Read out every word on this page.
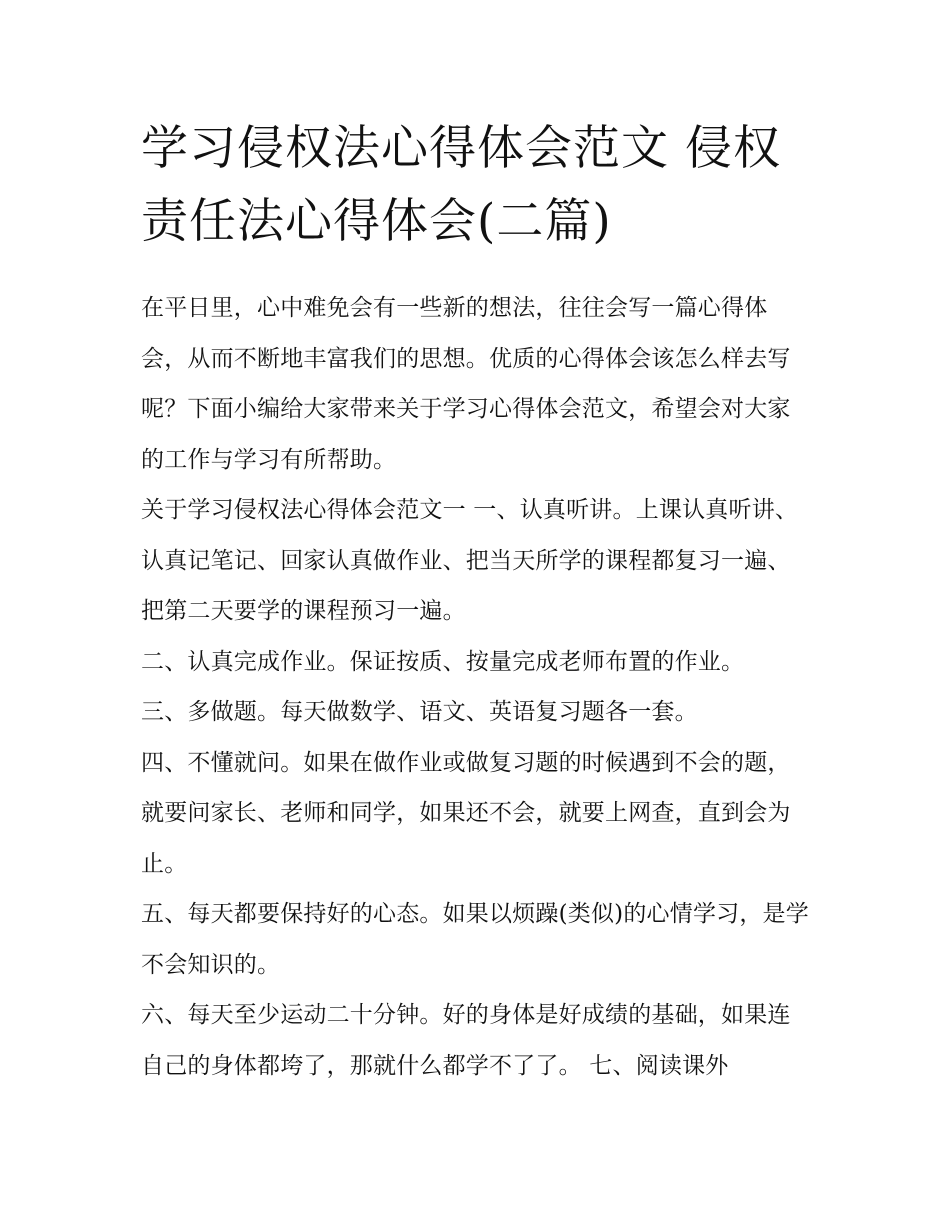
学习侵权法心得体会范文 侵权责任法心得体会(二篇)

在平日里，心中难免会有一些新的想法，往往会写一篇心得体会，从而不断地丰富我们的思想。优质的心得体会该怎么样去写呢？下面小编给大家带来关于学习心得体会范文，希望会对大家的工作与学习有所帮助。

关于学习侵权法心得体会范文一 一、认真听讲。上课认真听讲、认真记笔记、回家认真做作业、把当天所学的课程都复习一遍、把第二天要学的课程预习一遍。

二、认真完成作业。保证按质、按量完成老师布置的作业。

三、多做题。每天做数学、语文、英语复习题各一套。

四、不懂就问。如果在做作业或做复习题的时候遇到不会的题，就要问家长、老师和同学，如果还不会，就要上网查，直到会为止。

五、每天都要保持好的心态。如果以烦躁(类似)的心情学习，是学不会知识的。

六、每天至少运动二十分钟。好的身体是好成绩的基础，如果连自己的身体都垮了，那就什么都学不了了。 七、阅读课外
